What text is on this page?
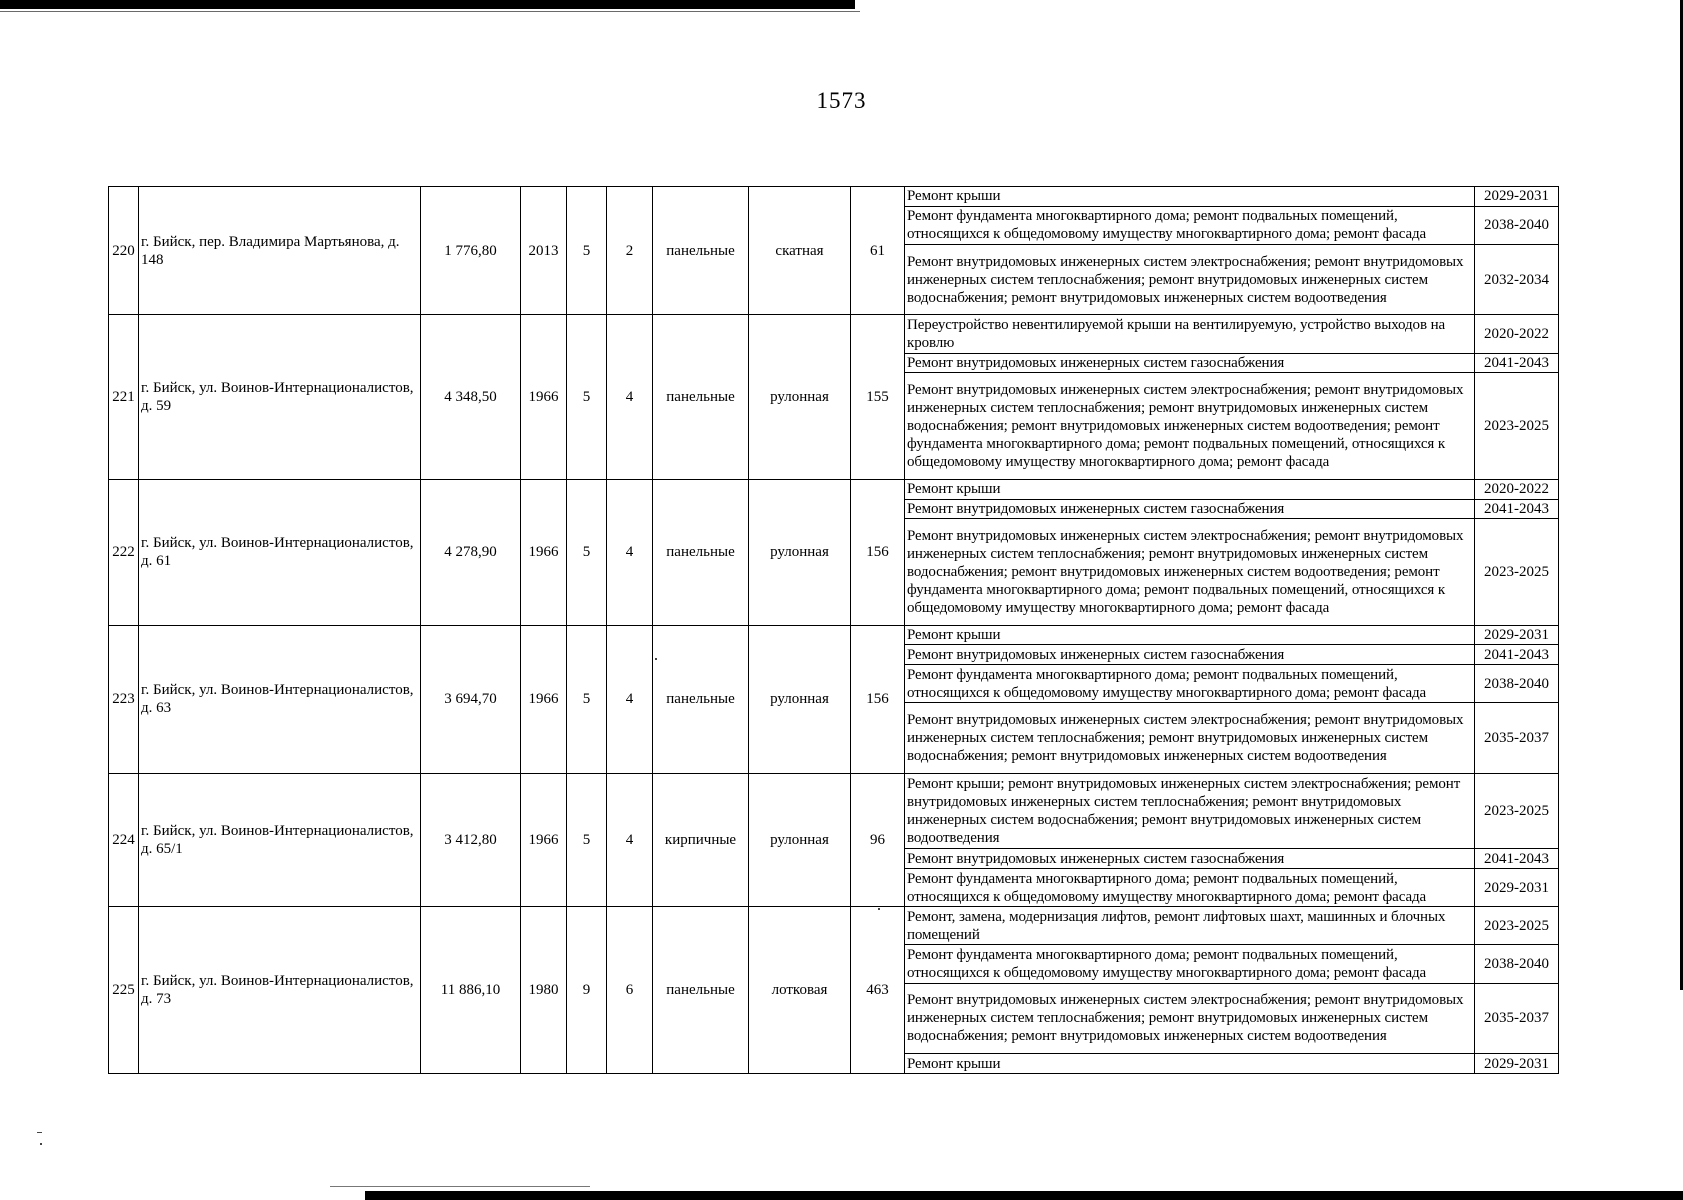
1573
220	г. Бийск, пер. Владимира Мартьянова, д. 148	1 776,80	2013	5	2	панельные	скатная	61	Ремонт крыши	2029-2031
									Ремонт фундамента многоквартирного дома; ремонт подвальных помещений, относящихся к общедомовому имуществу многоквартирного дома; ремонт фасада	2038-2040
									Ремонт внутридомовых инженерных систем электроснабжения; ремонт внутридомовых инженерных систем теплоснабжения; ремонт внутридомовых инженерных систем водоснабжения; ремонт внутридомовых инженерных систем водоотведения	2032-2034
221	г. Бийск, ул. Воинов-Интернационалистов, д. 59	4 348,50	1966	5	4	панельные	рулонная	155	Переустройство невентилируемой крыши на вентилируемую, устройство выходов на кровлю	2020-2022
									Ремонт внутридомовых инженерных систем газоснабжения	2041-2043
									Ремонт внутридомовых инженерных систем электроснабжения; ремонт внутридомовых инженерных систем теплоснабжения; ремонт внутридомовых инженерных систем водоснабжения; ремонт внутридомовых инженерных систем водоотведения; ремонт фундамента многоквартирного дома; ремонт подвальных помещений, относящихся к общедомовому имуществу многоквартирного дома; ремонт фасада	2023-2025
222	г. Бийск, ул. Воинов-Интернационалистов, д. 61	4 278,90	1966	5	4	панельные	рулонная	156	Ремонт крыши	2020-2022
									Ремонт внутридомовых инженерных систем газоснабжения	2041-2043
									Ремонт внутридомовых инженерных систем электроснабжения; ремонт внутридомовых инженерных систем теплоснабжения; ремонт внутридомовых инженерных систем водоснабжения; ремонт внутридомовых инженерных систем водоотведения; ремонт фундамента многоквартирного дома; ремонт подвальных помещений, относящихся к общедомовому имуществу многоквартирного дома; ремонт фасада	2023-2025
223	г. Бийск, ул. Воинов-Интернационалистов, д. 63	3 694,70	1966	5	4	панельные	рулонная	156	Ремонт крыши	2029-2031
									Ремонт внутридомовых инженерных систем газоснабжения	2041-2043
									Ремонт фундамента многоквартирного дома; ремонт подвальных помещений, относящихся к общедомовому имуществу многоквартирного дома; ремонт фасада	2038-2040
									Ремонт внутридомовых инженерных систем электроснабжения; ремонт внутридомовых инженерных систем теплоснабжения; ремонт внутридомовых инженерных систем водоснабжения; ремонт внутридомовых инженерных систем водоотведения	2035-2037
224	г. Бийск, ул. Воинов-Интернационалистов, д. 65/1	3 412,80	1966	5	4	кирпичные	рулонная	96	Ремонт крыши; ремонт внутридомовых инженерных систем электроснабжения; ремонт внутридомовых инженерных систем теплоснабжения; ремонт внутридомовых инженерных систем водоснабжения; ремонт внутридомовых инженерных систем водоотведения	2023-2025
									Ремонт внутридомовых инженерных систем газоснабжения	2041-2043
									Ремонт фундамента многоквартирного дома; ремонт подвальных помещений, относящихся к общедомовому имуществу многоквартирного дома; ремонт фасада	2029-2031
225	г. Бийск, ул. Воинов-Интернационалистов, д. 73	11 886,10	1980	9	6	панельные	лотковая	463	Ремонт, замена, модернизация лифтов, ремонт лифтовых шахт, машинных и блочных помещений	2023-2025
									Ремонт фундамента многоквартирного дома; ремонт подвальных помещений, относящихся к общедомовому имуществу многоквартирного дома; ремонт фасада	2038-2040
									Ремонт внутридомовых инженерных систем электроснабжения; ремонт внутридомовых инженерных систем теплоснабжения; ремонт внутридомовых инженерных систем водоснабжения; ремонт внутридомовых инженерных систем водоотведения	2035-2037
									Ремонт крыши	2029-2031
